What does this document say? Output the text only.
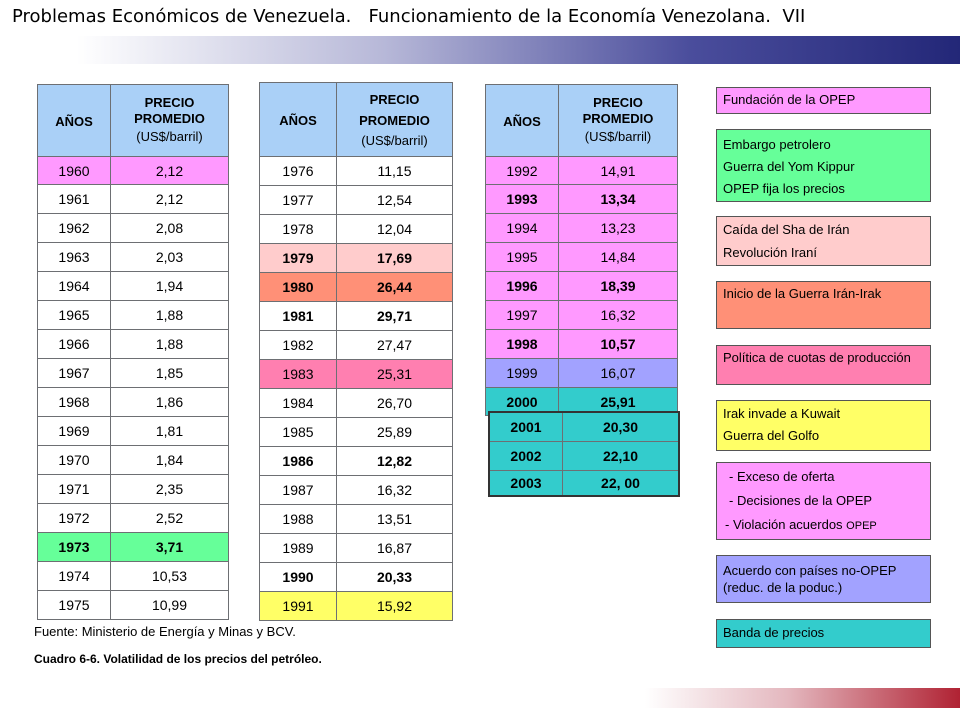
Problemas Económicos de Venezuela.   Funcionamiento de la Economía Venezolana.  VII
AÑOS	PRECIO
PROMEDIO
(US$/barril)

1960	2,12
1961	2,12
1962	2,08
1963	2,03
1964	1,94
1965	1,88
1966	1,88
1967	1,85
1968	1,86
1969	1,81
1970	1,84
1971	2,35
1972	2,52
1973	3,71
1974	10,53
1975	10,99
AÑOS	PRECIO
PROMEDIO
(US$/barril)

1976	11,15
1977	12,54
1978	12,04
1979	17,69
1980	26,44
1981	29,71
1982	27,47
1983	25,31
1984	26,70
1985	25,89
1986	12,82
1987	16,32
1988	13,51
1989	16,87
1990	20,33
1991	15,92
AÑOS	PRECIO
PROMEDIO
(US$/barril)

1992	14,91
1993	13,34
1994	13,23
1995	14,84
1996	18,39
1997	16,32
1998	10,57
1999	16,07
2000	25,91
2001	20,30
2002	22,10
2003	22, 00
Fuente: Ministerio de Energía y Minas y BCV.
Cuadro 6-6. Volatilidad de los precios del petróleo.
Fundación de la OPEP
Embargo petrolero
Guerra del Yom Kippur
OPEP fija los precios
Caída del Sha de Irán
Revolución Iraní
Inicio de la Guerra Irán-Irak
Política de cuotas de producción
Irak invade a Kuwait
Guerra del Golfo
- Exceso de oferta
- Decisiones de la OPEP
- Violación acuerdos OPEP
Acuerdo con países no-OPEP (reduc. de la poduc.)
Banda de precios
